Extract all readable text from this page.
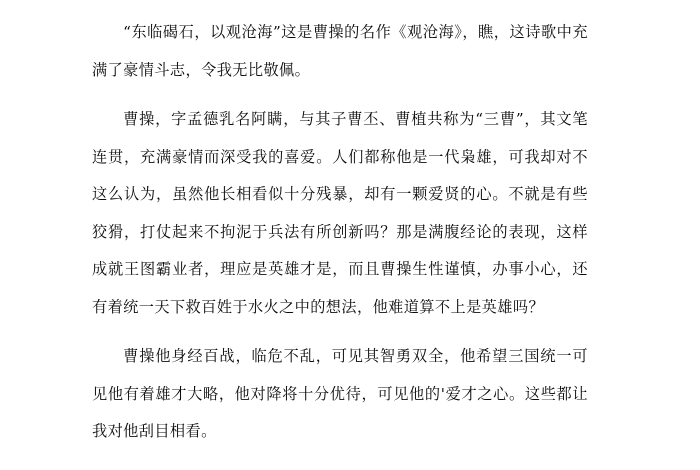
“东临碣石，以观沧海”这是曹操的名作《观沧海》，瞧，这诗歌中充满了豪情斗志，令我无比敬佩。

曹操，字孟德乳名阿瞒，与其子曹丕、曹植共称为“三曹”，其文笔连贯，充满豪情而深受我的喜爱。人们都称他是一代枭雄，可我却对不这么认为，虽然他长相看似十分残暴，却有一颗爱贤的心。不就是有些狡猾，打仗起来不拘泥于兵法有所创新吗？那是满腹经论的表现，这样成就王图霸业者，理应是英雄才是，而且曹操生性谨慎，办事小心，还有着统一天下救百姓于水火之中的想法，他难道算不上是英雄吗？

曹操他身经百战，临危不乱，可见其智勇双全，他希望三国统一可见他有着雄才大略，他对降将十分优待，可见他的'爱才之心。这些都让我对他刮目相看。
